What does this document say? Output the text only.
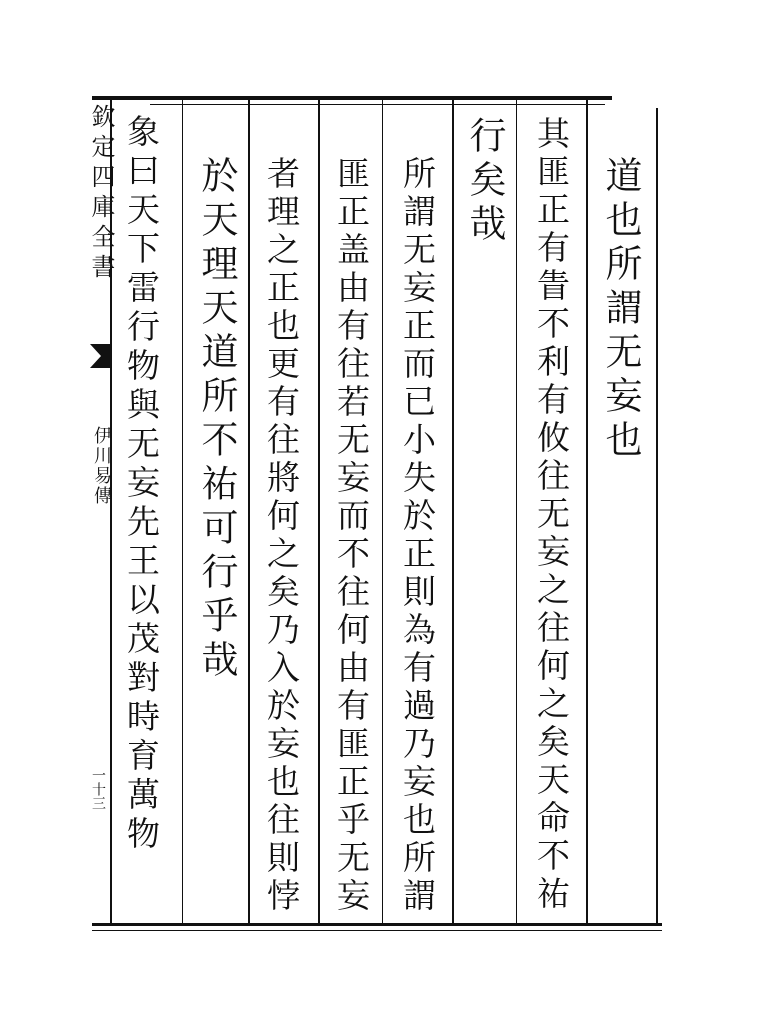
道也所謂无妄也
其匪正有眚不利有攸往无妄之往何之矣天命不祐
行矣哉
所謂无妄正而已小失於正則為有過乃妄也所謂
匪正盖由有往若无妄而不往何由有匪正乎无妄
者理之正也更有往將何之矣乃入於妄也往則悖
於天理天道所不祐可行乎哉
象曰天下雷行物與无妄先王以茂對時育萬物
欽定四庫全書
伊川易傳
一十三
